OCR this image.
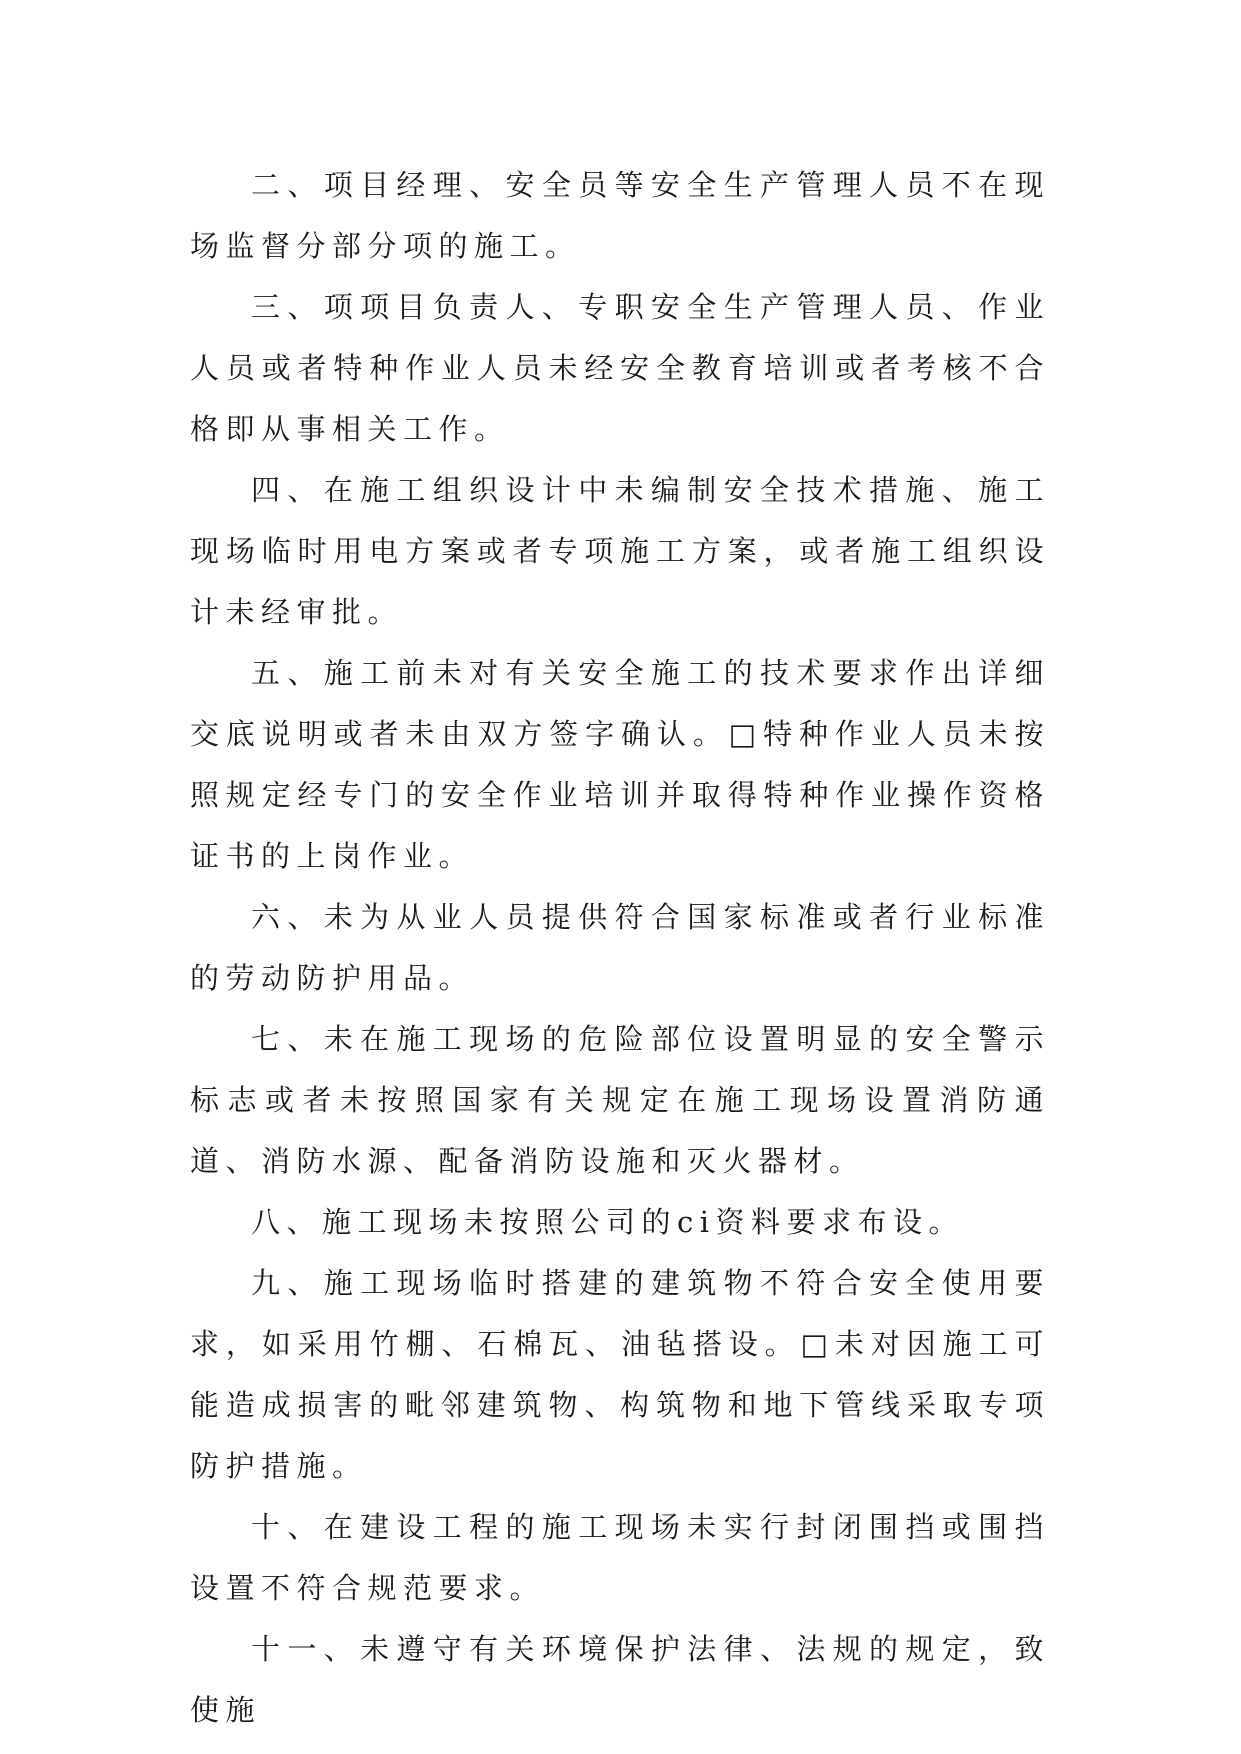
二、项目经理、安全员等安全生产管理人员不在现场监督分部分项的施工。

三、项项目负责人、专职安全生产管理人员、作业人员或者特种作业人员未经安全教育培训或者考核不合格即从事相关工作。

四、在施工组织设计中未编制安全技术措施、施工现场临时用电方案或者专项施工方案，或者施工组织设计未经审批。

五、施工前未对有关安全施工的技术要求作出详细交底说明或者未由双方签字确认。□特种作业人员未按照规定经专门的安全作业培训并取得特种作业操作资格证书的上岗作业。

六、未为从业人员提供符合国家标准或者行业标准的劳动防护用品。

七、未在施工现场的危险部位设置明显的安全警示标志或者未按照国家有关规定在施工现场设置消防通道、消防水源、配备消防设施和灭火器材。

八、施工现场未按照公司的ci资料要求布设。

九、施工现场临时搭建的建筑物不符合安全使用要求，如采用竹棚、石棉瓦、油毡搭设。□未对因施工可能造成损害的毗邻建筑物、构筑物和地下管线采取专项防护措施。

十、在建设工程的施工现场未实行封闭围挡或围挡设置不符合规范要求。

十一、未遵守有关环境保护法律、法规的规定，致使施
